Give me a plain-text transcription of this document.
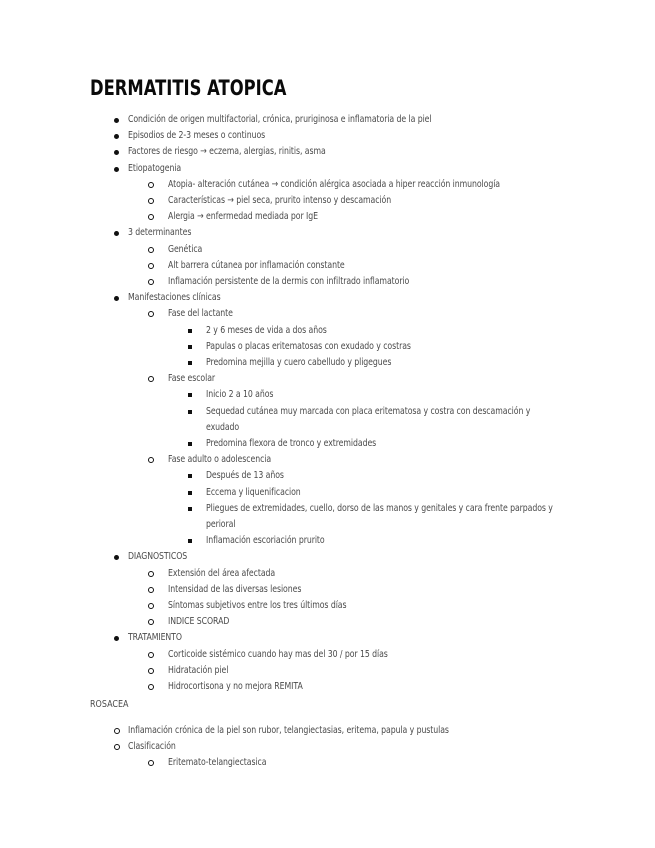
DERMATITIS ATOPICA
Condición de origen multifactorial, crónica, pruriginosa e inflamatoria de la piel
Episodios de 2-3 meses o continuos
Factores de riesgo → eczema, alergias, rinitis, asma
Etiopatogenia
Atopia- alteración cutánea → condición alérgica asociada a hiper reacción inmunología
Características → piel seca, prurito intenso y descamación
Alergia → enfermedad mediada por IgE
3 determinantes
Genética
Alt barrera cútanea por inflamación constante
Inflamación persistente de la dermis con infiltrado inflamatorio
Manifestaciones clínicas
Fase del lactante
2 y 6 meses de vida a dos años
Papulas o placas eritematosas con exudado y costras
Predomina mejilla y cuero cabelludo y pligegues
Fase escolar
Inicio 2 a 10 años
Sequedad cutánea muy marcada con placa eritematosa y costra con descamación y
exudado
Predomina flexora de tronco y extremidades
Fase adulto o adolescencia
Después de 13 años
Eccema y liquenificacion
Pliegues de extremidades, cuello, dorso de las manos y genitales y cara frente parpados y
perioral
Inflamación escoriación prurito
DIAGNOSTICOS
Extensión del área afectada
Intensidad de las diversas lesiones
Síntomas subjetivos entre los tres últimos días
INDICE SCORAD
TRATAMIENTO
Corticoide sistémico cuando hay mas del 30 / por 15 días
Hidratación piel
Hidrocortisona y no mejora REMITA
ROSACEA
Inflamación crónica de la piel son rubor, telangiectasias, eritema, papula y pustulas
Clasificación
Eritemato-telangiectasica
